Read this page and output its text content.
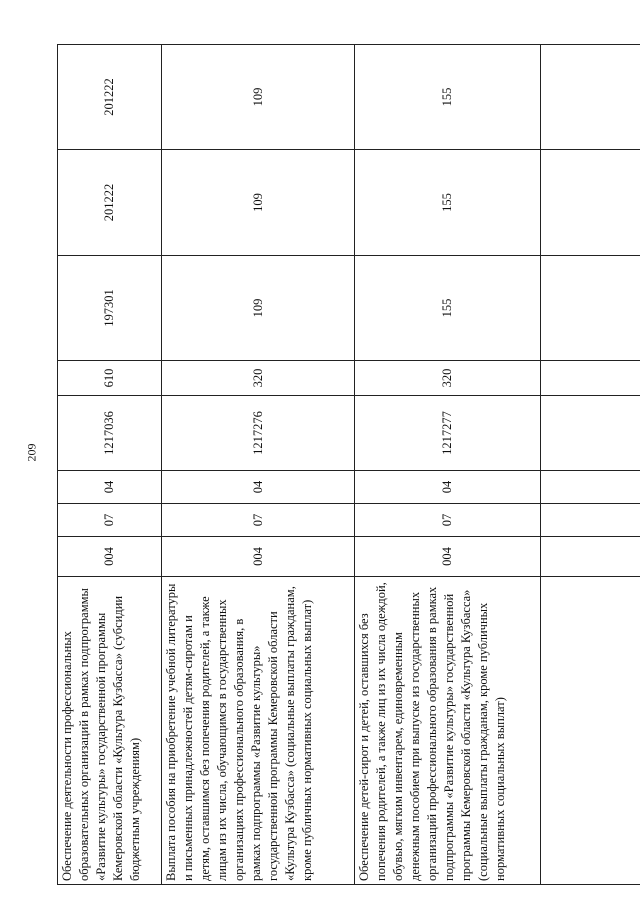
209
Обеспечение деятельности профессиональных образовательных организаций в рамках подпрограммы «Развитие культуры» государственной программы Кемеровской области «Культура Кузбасса» (субсидии бюджетным учреждениям)	004	07	04	1217036	610	197301	201222	201222
Выплата пособия на приобретение учебной литературы и письменных принадлежностей детям-сиротам и детям, оставшимся без попечения родителей, а также лицам из их числа, обучающимся в государственных организациях профессионального образования, в рамках подпрограммы «Развитие культуры» государственной программы Кемеровской области «Культура Кузбасса» (социальные выплаты гражданам, кроме публичных нормативных социальных выплат)	004	07	04	1217276	320	109	109	109
Обеспечение детей-сирот и детей, оставшихся без попечения родителей, а также лиц из их числа одеждой, обувью, мягким инвентарем, единовременным денежным пособием при выпуске из государственных организаций профессионального образования в рамках подпрограммы «Развитие культуры» государственной программы Кемеровской области «Культура Кузбасса» (социальные выплаты гражданам, кроме публичных нормативных социальных выплат)	004	07	04	1217277	320	155	155	155
